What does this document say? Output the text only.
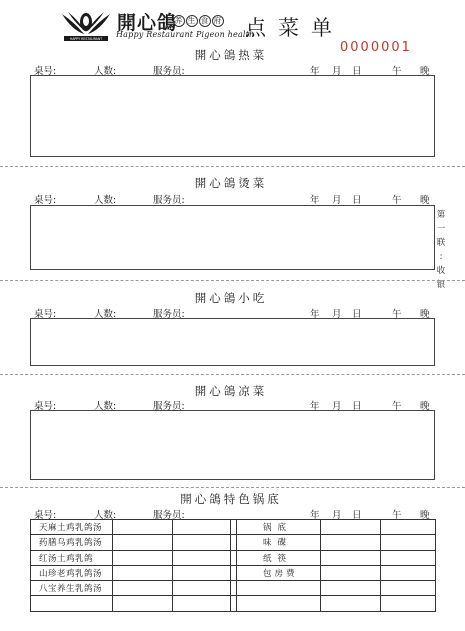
HAPPY RESTAURANT
開心鴿
养 生 食 府
Happy Restaurant Pigeon health
点菜单
0000001
開心鴿热菜
桌号:	人数:	服务员:	年 月 日	午 晚
開心鴿烫菜
桌号:	人数:	服务员:	年 月 日	午 晚
第
一
联
:
收
银
開心鴿小吃
桌号:	人数:	服务员:	年 月 日	午 晚
開心鴿凉菜
桌号:	人数:	服务员:	年 月 日	午 晚
開心鴿特色锅底
桌号:	人数:	服务员:	年 月 日	午 晚
天麻土鸡乳鸽汤				锅底		
药膳乌鸡乳鸽汤				味碟		
红汤土鸡乳鸽				纸筷		
山珍老鸡乳鸽汤				包房费		
八宝养生乳鸽汤						
